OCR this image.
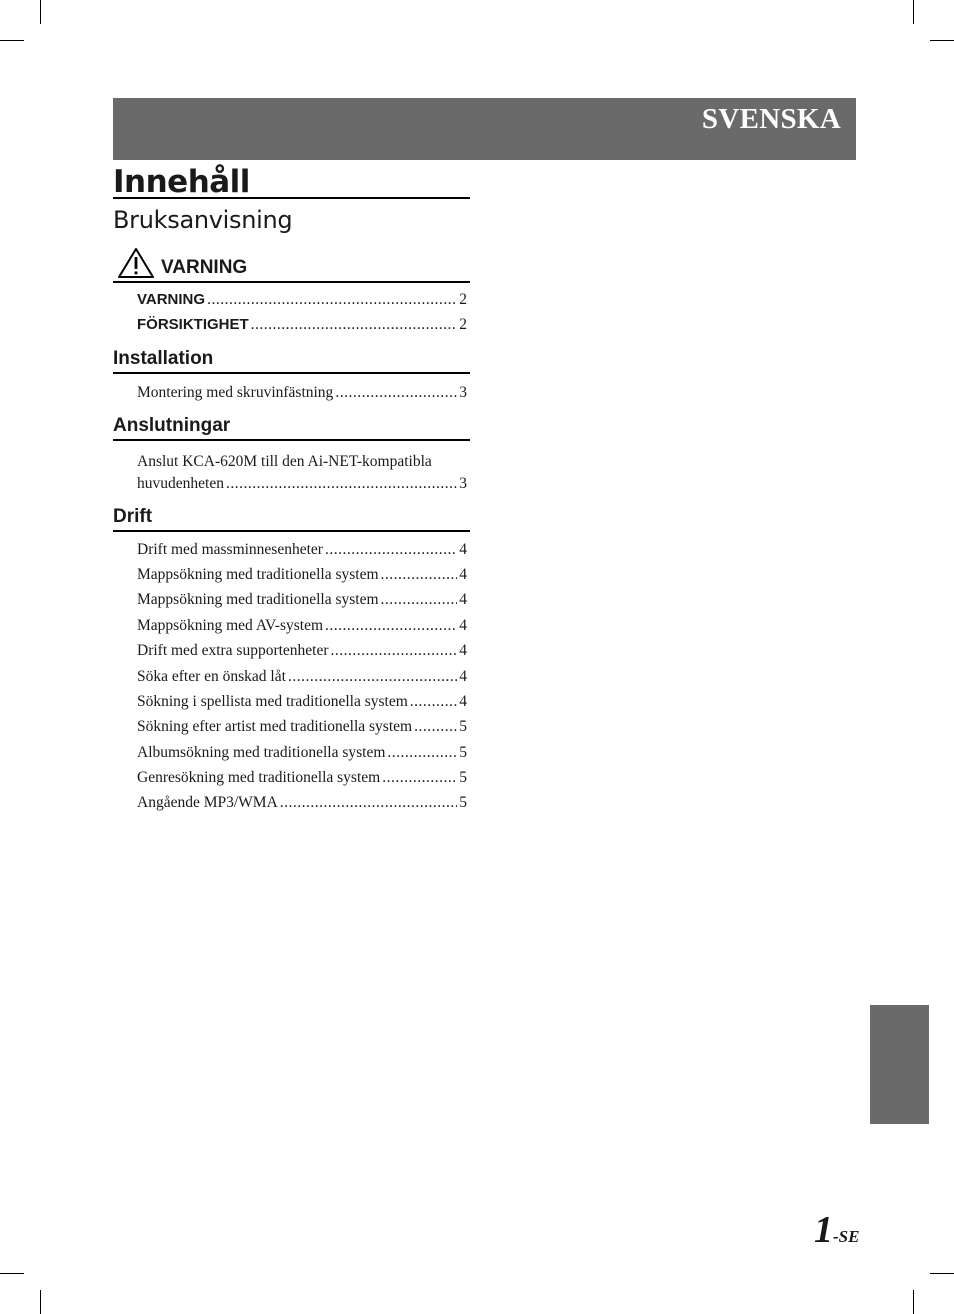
SVENSKA
Innehåll
Bruksanvisning
VARNING
VARNING .....	2
FÖRSIKTIGHET .....	2
Installation
Montering med skruvinfästning .....	3
Anslutningar
Anslut KCA-620M till den Ai-NET-kompatibla
huvudenheten .....	3
Drift
Drift med massminnesenheter .....	4
Mappsökning med traditionella system .....	4
Mappsökning med traditionella system .....	4
Mappsökning med AV-system .....	4
Drift med extra supportenheter .....	4
Söka efter en önskad låt .....	4
Sökning i spellista med traditionella system .....	4
Sökning efter artist med traditionella system .....	5
Albumsökning med traditionella system .....	5
Genresökning med traditionella system .....	5
Angående MP3/WMA .....	5
1-SE
